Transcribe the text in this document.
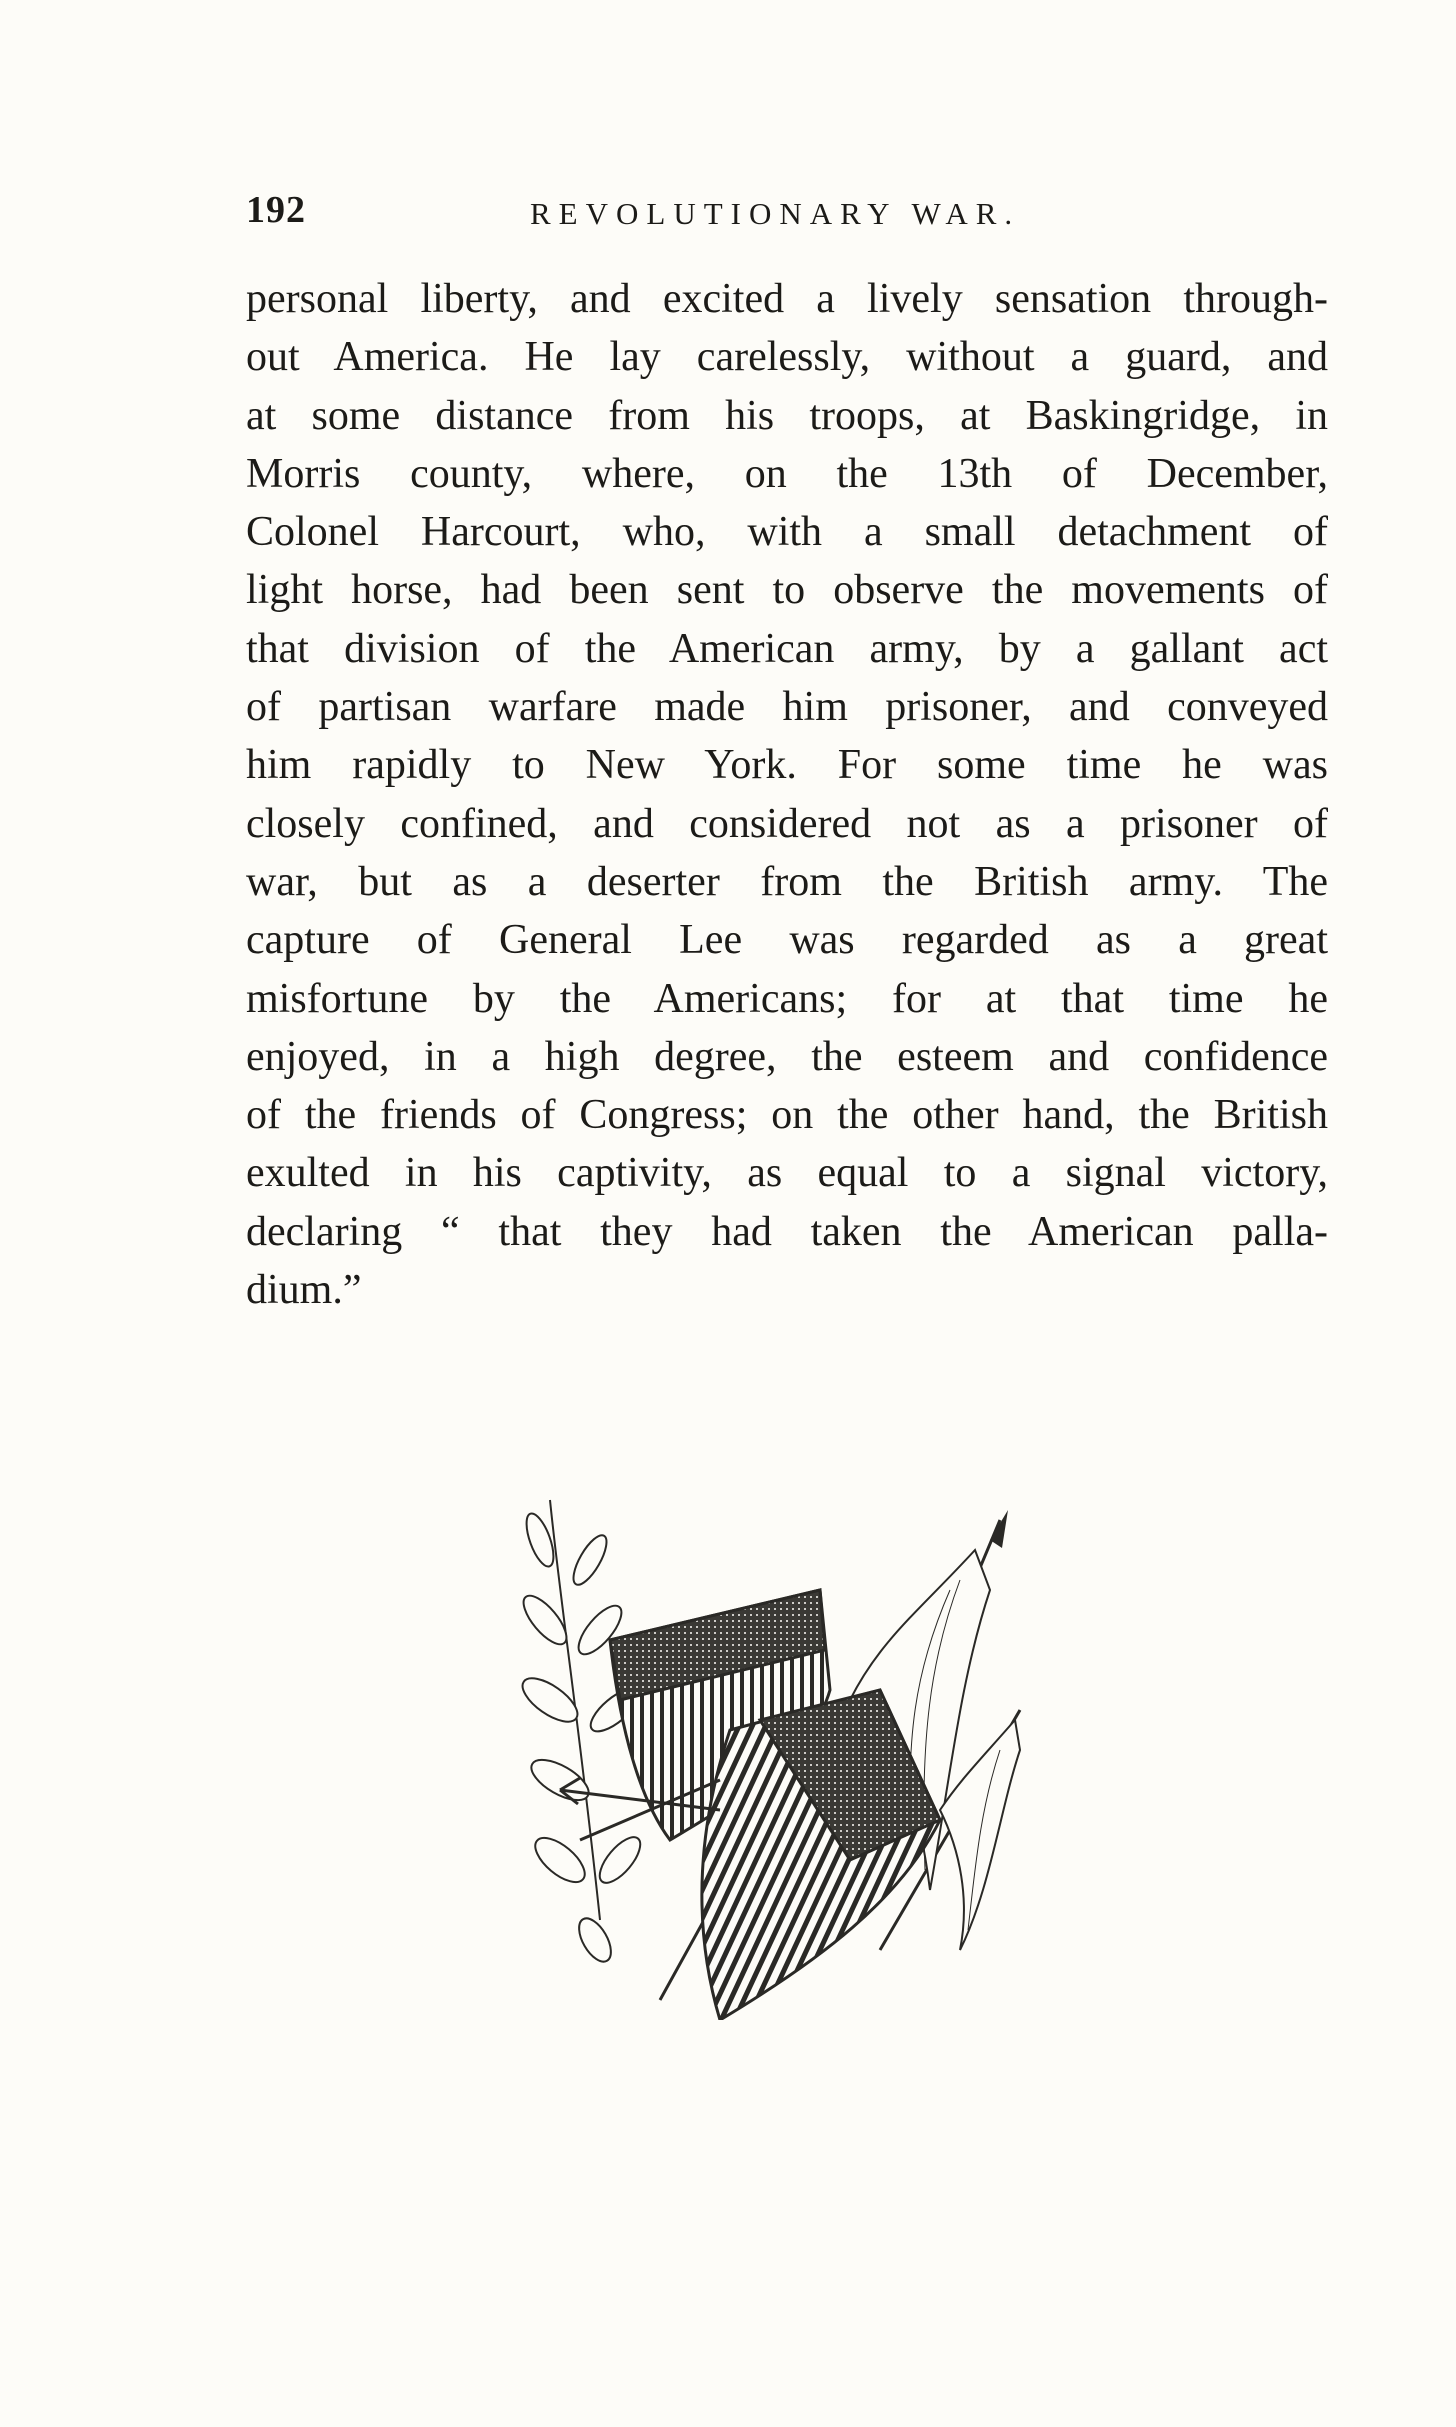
192	REVOLUTIONARY WAR.
personal liberty, and excited a lively sensation through-
out America. He lay carelessly, without a guard, and
at some distance from his troops, at Baskingridge, in
Morris county, where, on the 13th of December,
Colonel Harcourt, who, with a small detachment of
light horse, had been sent to observe the movements of
that division of the American army, by a gallant act
of partisan warfare made him prisoner, and conveyed
him rapidly to New York. For some time he was
closely confined, and considered not as a prisoner of
war, but as a deserter from the British army. The
capture of General Lee was regarded as a great
misfortune by the Americans; for at that time he
enjoyed, in a high degree, the esteem and confidence
of the friends of Congress; on the other hand, the British
exulted in his captivity, as equal to a signal victory,
declaring “ that they had taken the American palla-
dium.”
